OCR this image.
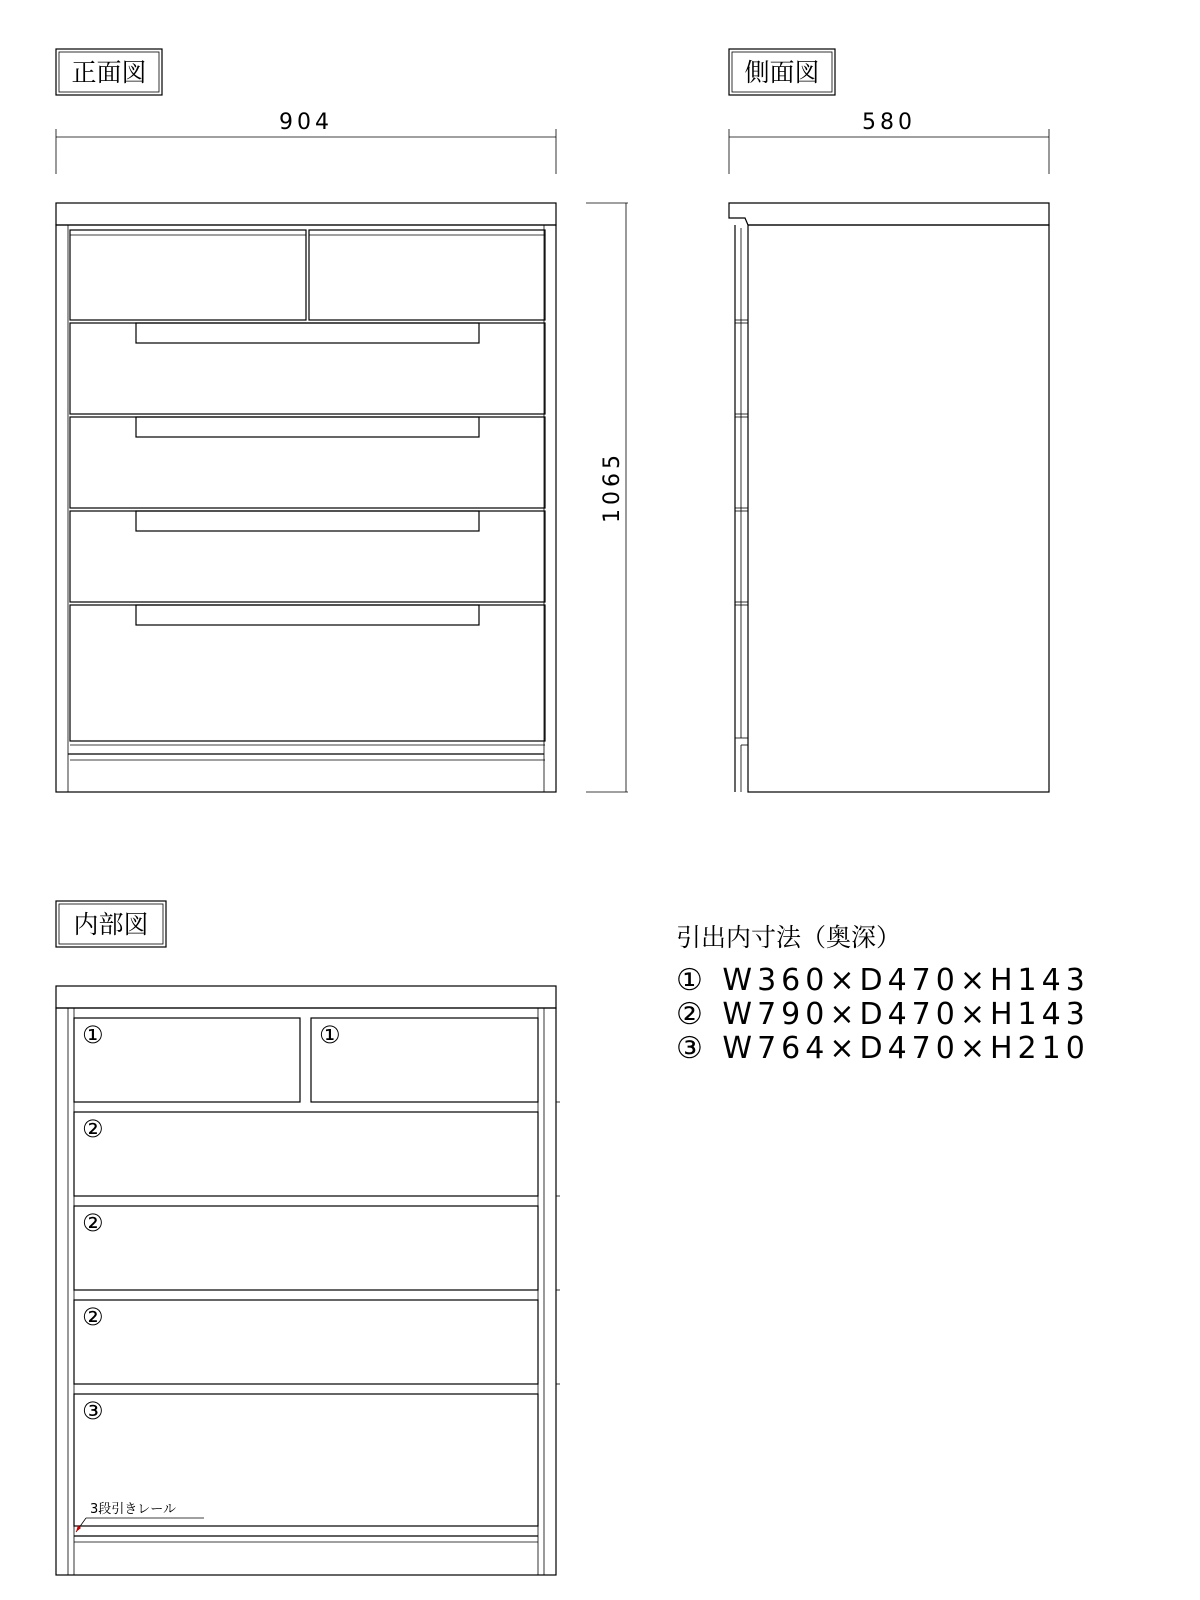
正面図
904
1065
側面図
580
内部図
①	①
②
②
②
③
3段引きレール
引出内寸法（奥深）
① W360×D470×H143
② W790×D470×H143
③ W764×D470×H210
